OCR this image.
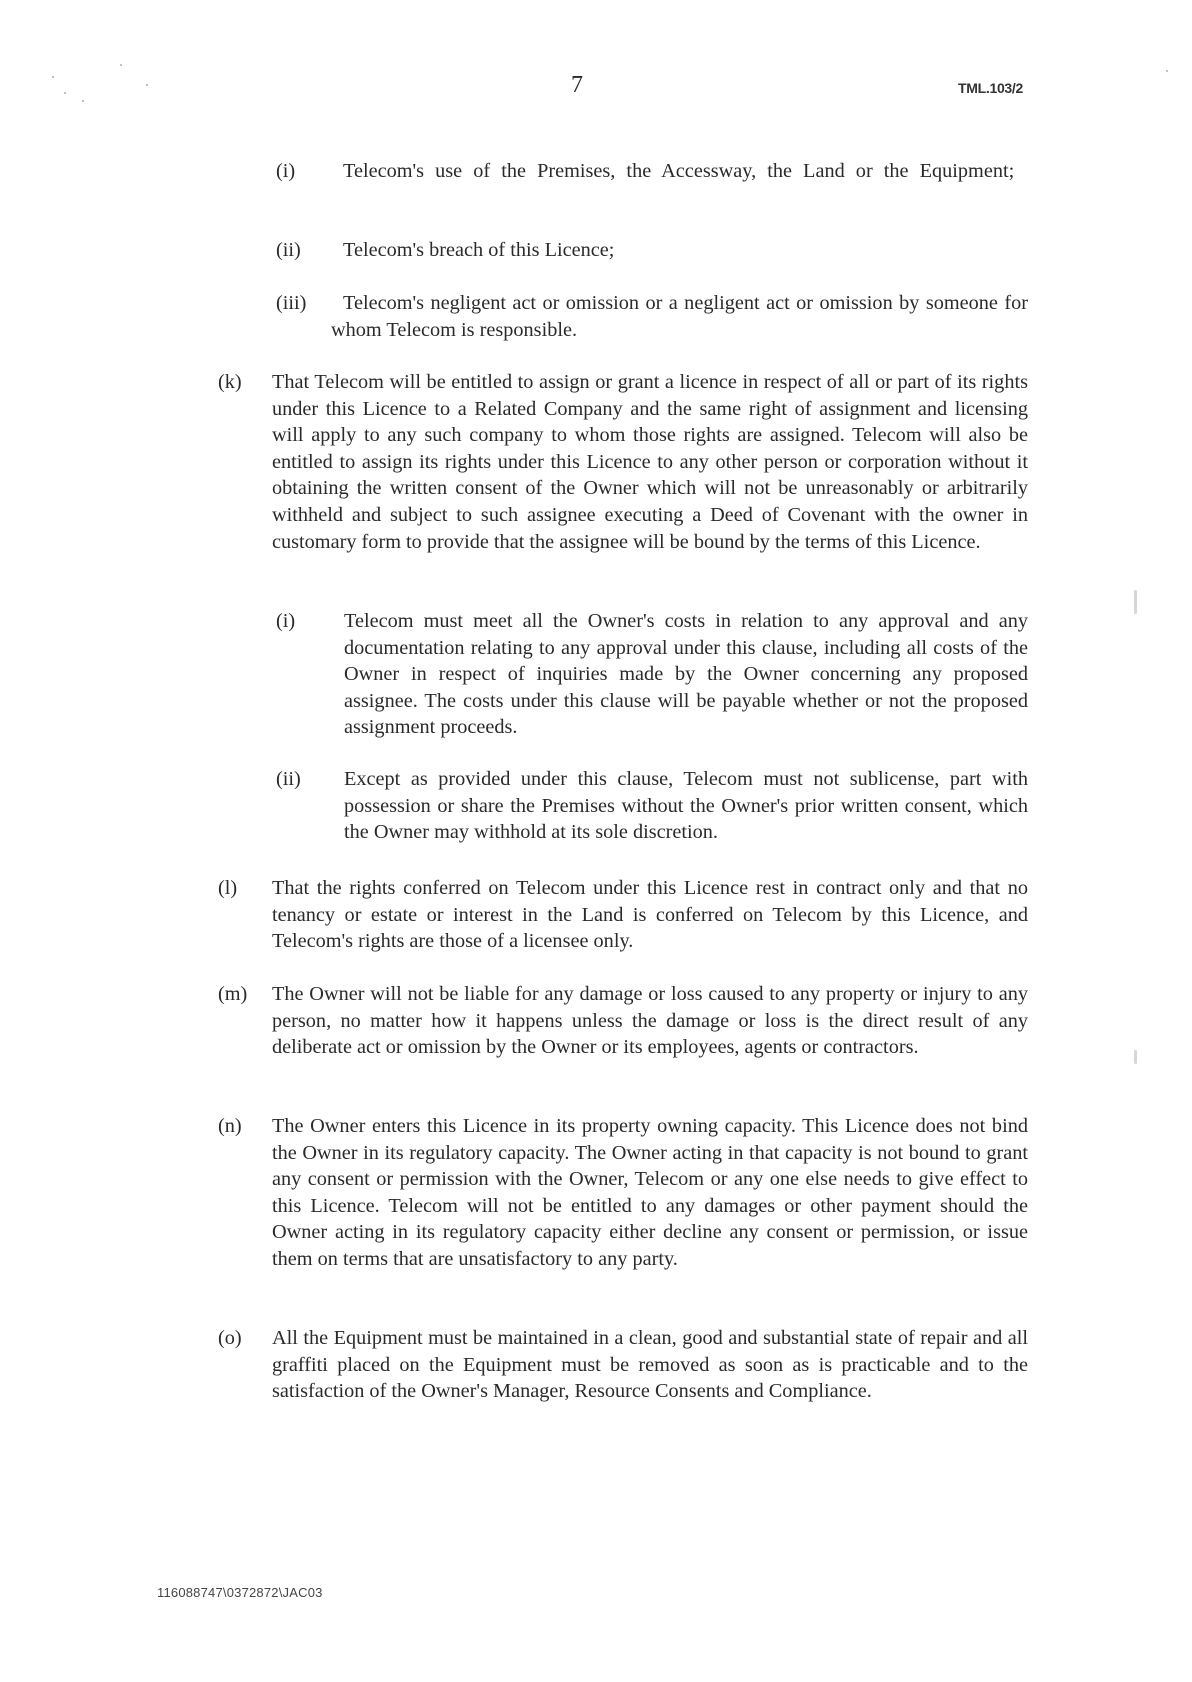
7	TML.103/2
(i)	Telecom's use of the Premises, the Accessway, the Land or the Equipment;
(ii) Telecom's breach of this Licence;
(iii)	Telecom's negligent act or omission or a negligent act or omission by someone for whom Telecom is responsible.
(k) That Telecom will be entitled to assign or grant a licence in respect of all or part of its rights under this Licence to a Related Company and the same right of assignment and licensing will apply to any such company to whom those rights are assigned. Telecom will also be entitled to assign its rights under this Licence to any other person or corporation without it obtaining the written consent of the Owner which will not be unreasonably or arbitrarily withheld and subject to such assignee executing a Deed of Covenant with the owner in customary form to provide that the assignee will be bound by the terms of this Licence.
(i) Telecom must meet all the Owner's costs in relation to any approval and any documentation relating to any approval under this clause, including all costs of the Owner in respect of inquiries made by the Owner concerning any proposed assignee. The costs under this clause will be payable whether or not the proposed assignment proceeds.
(ii) Except as provided under this clause, Telecom must not sublicense, part with possession or share the Premises without the Owner's prior written consent, which the Owner may withhold at its sole discretion.
(l) That the rights conferred on Telecom under this Licence rest in contract only and that no tenancy or estate or interest in the Land is conferred on Telecom by this Licence, and Telecom's rights are those of a licensee only.
(m) The Owner will not be liable for any damage or loss caused to any property or injury to any person, no matter how it happens unless the damage or loss is the direct result of any deliberate act or omission by the Owner or its employees, agents or contractors.
(n) The Owner enters this Licence in its property owning capacity. This Licence does not bind the Owner in its regulatory capacity. The Owner acting in that capacity is not bound to grant any consent or permission with the Owner, Telecom or any one else needs to give effect to this Licence. Telecom will not be entitled to any damages or other payment should the Owner acting in its regulatory capacity either decline any consent or permission, or issue them on terms that are unsatisfactory to any party.
(o) All the Equipment must be maintained in a clean, good and substantial state of repair and all graffiti placed on the Equipment must be removed as soon as is practicable and to the satisfaction of the Owner's Manager, Resource Consents and Compliance.
116088747\0372872\JAC03
